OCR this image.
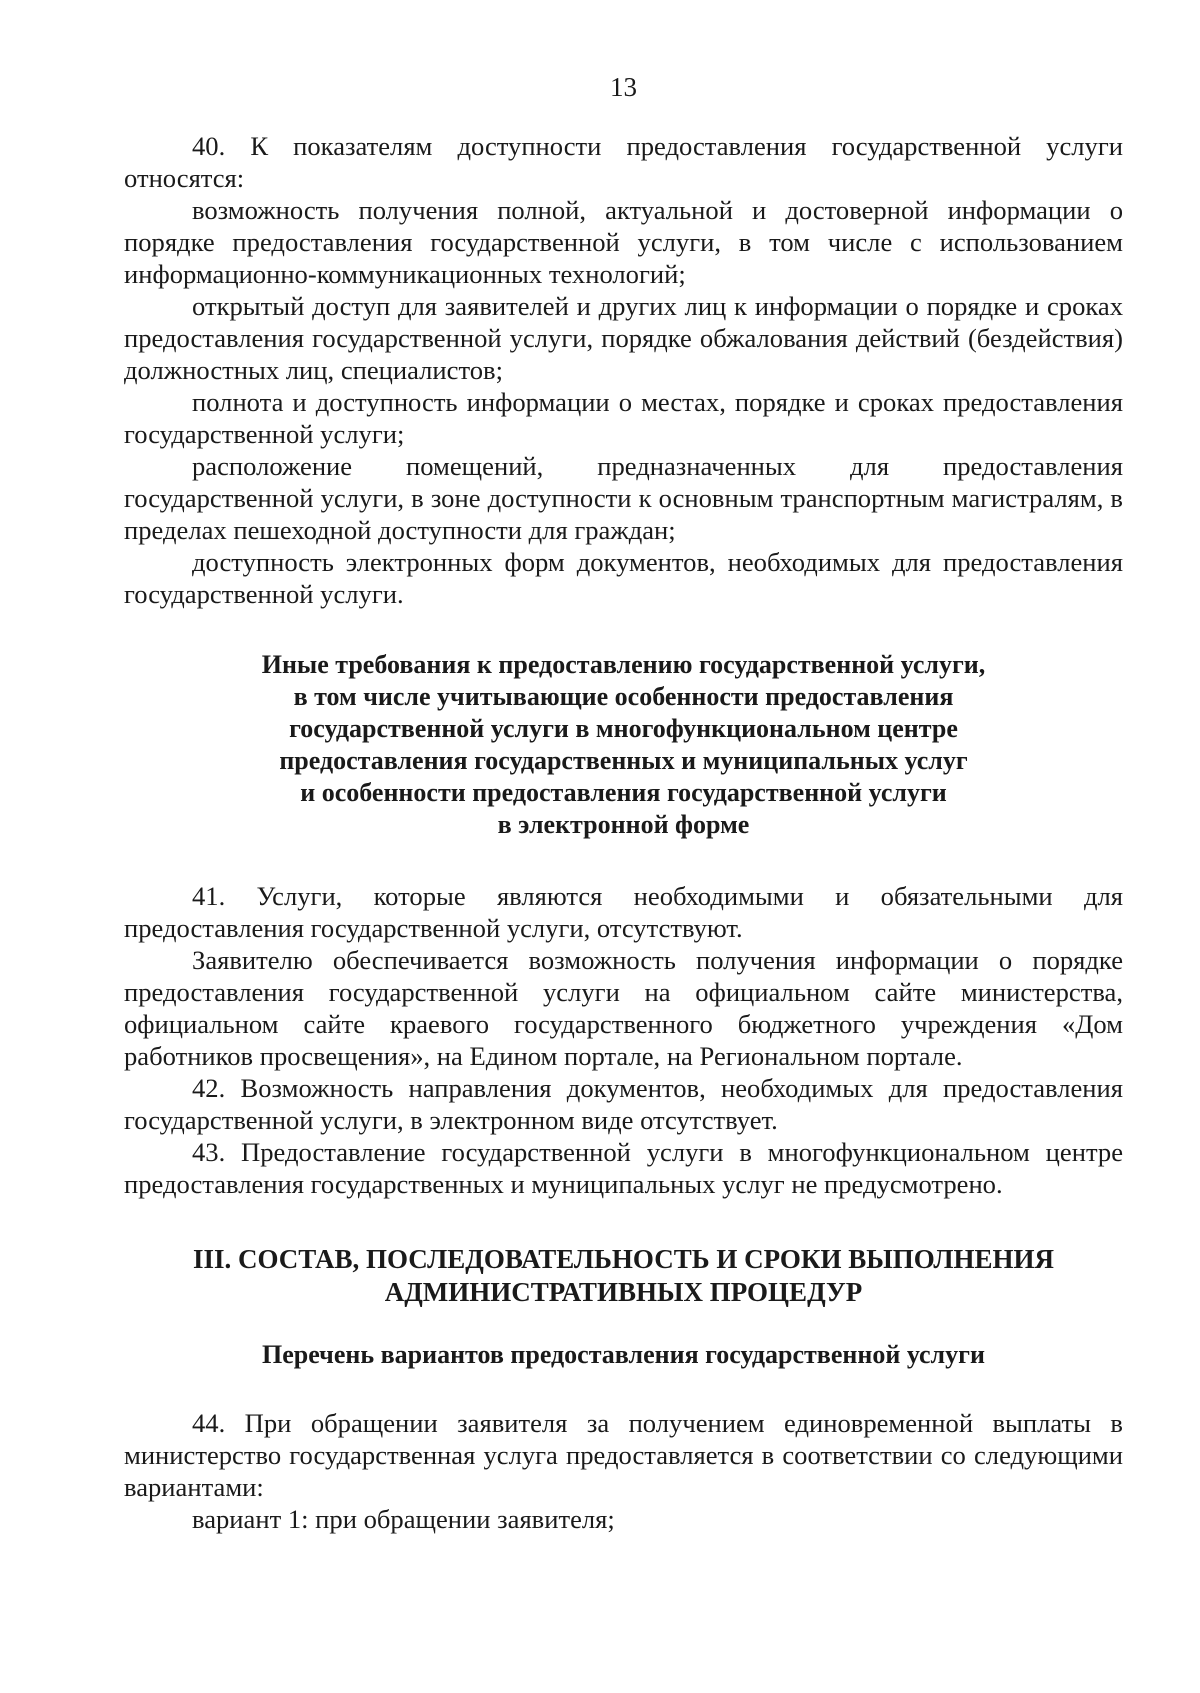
13

40. К показателям доступности предоставления государственной услуги относятся:

возможность получения полной, актуальной и достоверной информации о порядке предоставления государственной услуги, в том числе с использованием информационно-коммуникационных технологий;

открытый доступ для заявителей и других лиц к информации о порядке и сроках предоставления государственной услуги, порядке обжалования действий (бездействия) должностных лиц, специалистов;

полнота и доступность информации о местах, порядке и сроках предоставления государственной услуги;

расположение помещений, предназначенных для предоставления государственной услуги, в зоне доступности к основным транспортным магистралям, в пределах пешеходной доступности для граждан;

доступность электронных форм документов, необходимых для предоставления государственной услуги.

Иные требования к предоставлению государственной услуги,
в том числе учитывающие особенности предоставления
государственной услуги в многофункциональном центре
предоставления государственных и муниципальных услуг
и особенности предоставления государственной услуги
в электронной форме

41. Услуги, которые являются необходимыми и обязательными для предоставления государственной услуги, отсутствуют.

Заявителю обеспечивается возможность получения информации о порядке предоставления государственной услуги на официальном сайте министерства, официальном сайте краевого государственного бюджетного учреждения «Дом работников просвещения», на Едином портале, на Региональном портале.

42. Возможность направления документов, необходимых для предоставления государственной услуги, в электронном виде отсутствует.

43. Предоставление государственной услуги в многофункциональном центре предоставления государственных и муниципальных услуг не предусмотрено.

III. СОСТАВ, ПОСЛЕДОВАТЕЛЬНОСТЬ И СРОКИ ВЫПОЛНЕНИЯ
АДМИНИСТРАТИВНЫХ ПРОЦЕДУР
Перечень вариантов предоставления государственной услуги

44. При обращении заявителя за получением единовременной выплаты в министерство государственная услуга предоставляется в соответствии со следующими вариантами:

вариант 1: при обращении заявителя;
